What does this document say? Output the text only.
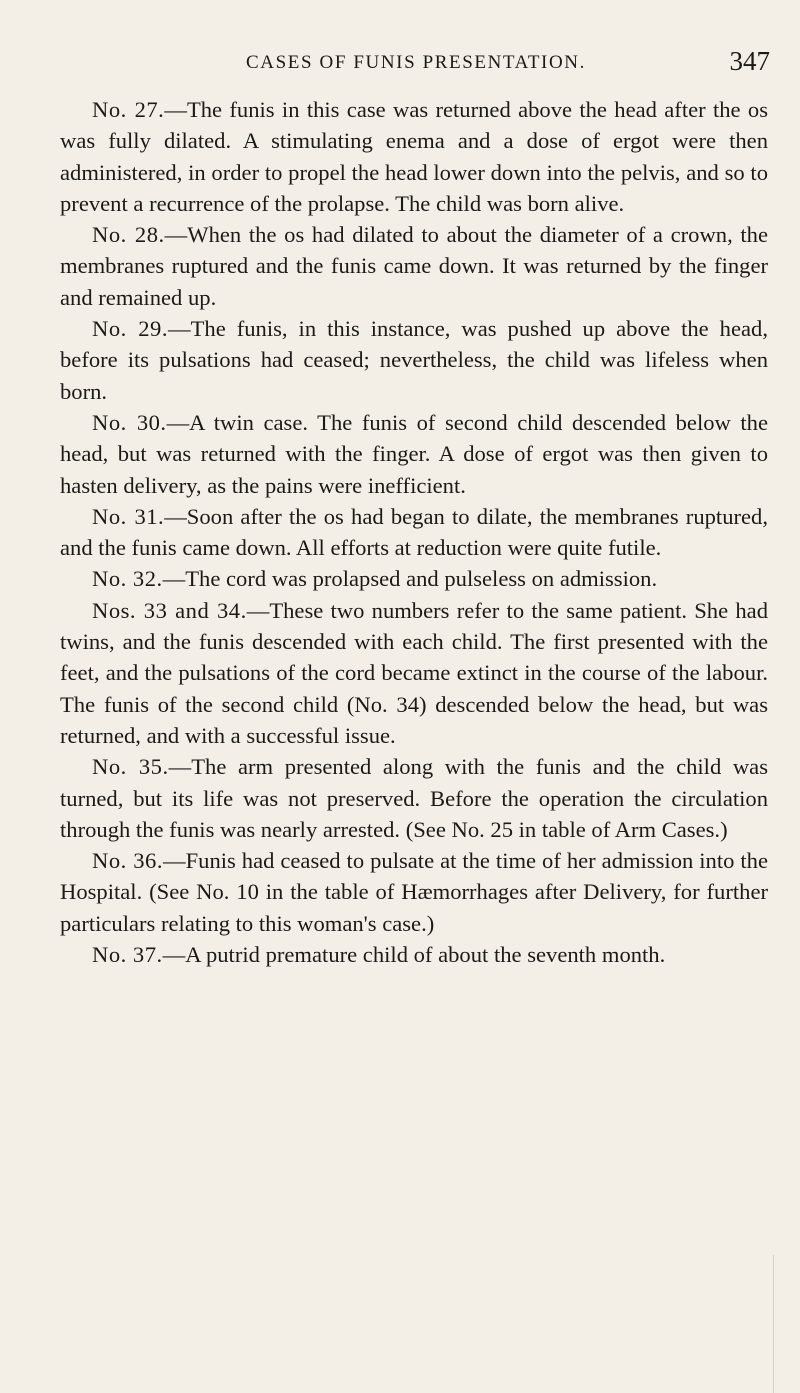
CASES OF FUNIS PRESENTATION.	347

No. 27.—The funis in this case was returned above the head after the os was fully dilated. A stimulating enema and a dose of ergot were then administered, in order to propel the head lower down into the pelvis, and so to prevent a recurrence of the prolapse. The child was born alive.

No. 28.—When the os had dilated to about the diameter of a crown, the membranes ruptured and the funis came down. It was returned by the finger and remained up.

No. 29.—The funis, in this instance, was pushed up above the head, before its pulsations had ceased; nevertheless, the child was lifeless when born.

No. 30.—A twin case. The funis of second child descended below the head, but was returned with the finger. A dose of ergot was then given to hasten delivery, as the pains were inefficient.

No. 31.—Soon after the os had began to dilate, the membranes ruptured, and the funis came down. All efforts at reduction were quite futile.

No. 32.—The cord was prolapsed and pulseless on admission.

Nos. 33 and 34.—These two numbers refer to the same patient. She had twins, and the funis descended with each child. The first presented with the feet, and the pulsations of the cord became extinct in the course of the labour. The funis of the second child (No. 34) descended below the head, but was returned, and with a successful issue.

No. 35.—The arm presented along with the funis and the child was turned, but its life was not preserved. Before the operation the circulation through the funis was nearly arrested. (See No. 25 in table of Arm Cases.)

No. 36.—Funis had ceased to pulsate at the time of her admission into the Hospital. (See No. 10 in the table of Hæmorrhages after Delivery, for further particulars relating to this woman's case.)

No. 37.—A putrid premature child of about the seventh month.
